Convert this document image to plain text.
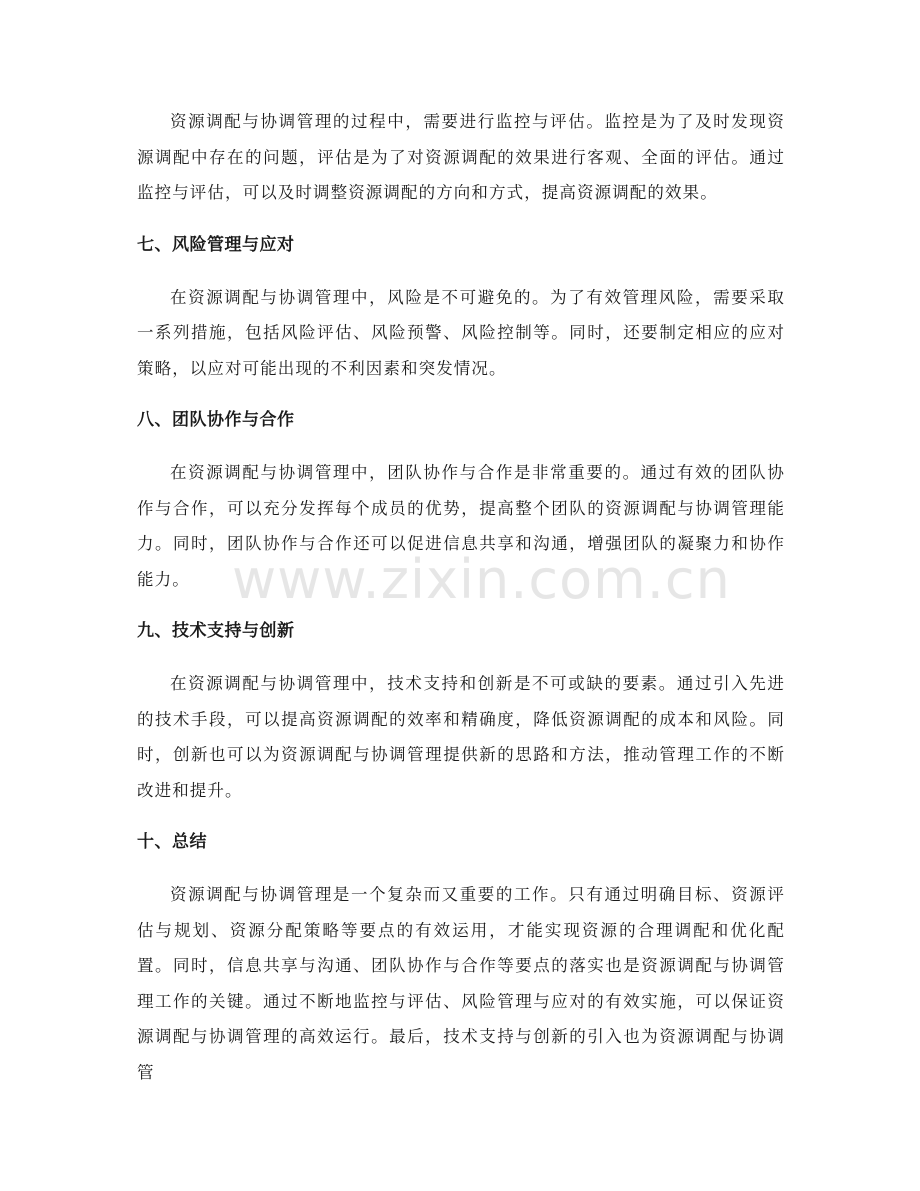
资源调配与协调管理的过程中，需要进行监控与评估。监控是为了及时发现资源调配中存在的问题，评估是为了对资源调配的效果进行客观、全面的评估。通过监控与评估，可以及时调整资源调配的方向和方式，提高资源调配的效果。

七、风险管理与应对

在资源调配与协调管理中，风险是不可避免的。为了有效管理风险，需要采取一系列措施，包括风险评估、风险预警、风险控制等。同时，还要制定相应的应对策略，以应对可能出现的不利因素和突发情况。

八、团队协作与合作

在资源调配与协调管理中，团队协作与合作是非常重要的。通过有效的团队协作与合作，可以充分发挥每个成员的优势，提高整个团队的资源调配与协调管理能力。同时，团队协作与合作还可以促进信息共享和沟通，增强团队的凝聚力和协作能力。

九、技术支持与创新

在资源调配与协调管理中，技术支持和创新是不可或缺的要素。通过引入先进的技术手段，可以提高资源调配的效率和精确度，降低资源调配的成本和风险。同时，创新也可以为资源调配与协调管理提供新的思路和方法，推动管理工作的不断改进和提升。

十、总结

资源调配与协调管理是一个复杂而又重要的工作。只有通过明确目标、资源评估与规划、资源分配策略等要点的有效运用，才能实现资源的合理调配和优化配置。同时，信息共享与沟通、团队协作与合作等要点的落实也是资源调配与协调管理工作的关键。通过不断地监控与评估、风险管理与应对的有效实施，可以保证资源调配与协调管理的高效运行。最后，技术支持与创新的引入也为资源调配与协调管

www.zixin.com.cn
